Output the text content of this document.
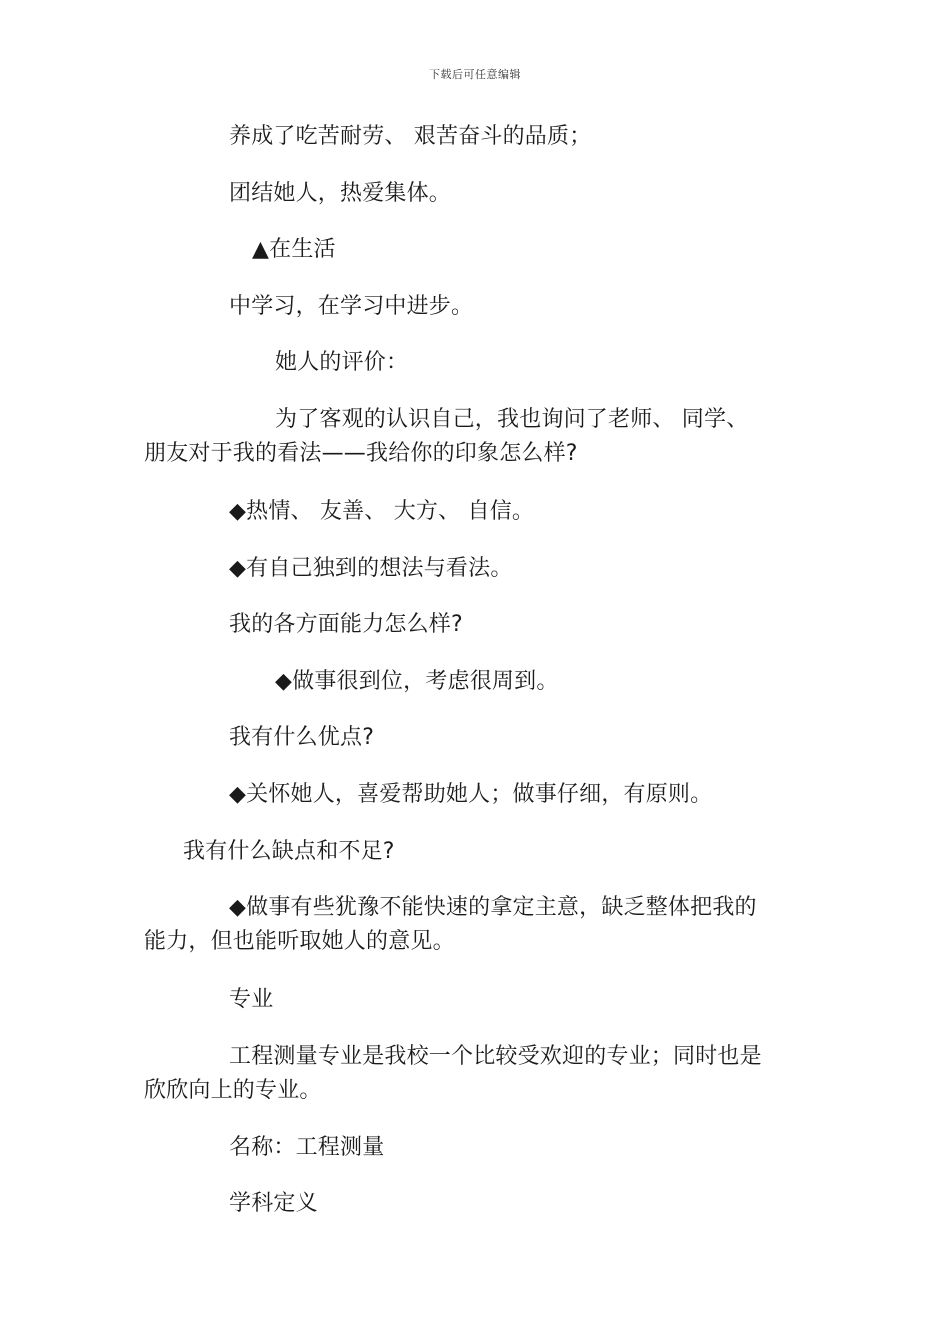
下载后可任意编辑
养成了吃苦耐劳、 艰苦奋斗的品质；
团结她人，热爱集体。
▲在生活
中学习，在学习中进步。
她人的评价：
为了客观的认识自己，我也询问了老师、 同学、
朋友对于我的看法——我给你的印象怎么样?
◆热情、 友善、 大方、 自信。
◆有自己独到的想法与看法。
我的各方面能力怎么样?
◆做事很到位，考虑很周到。
我有什么优点?
◆关怀她人，喜爱帮助她人；做事仔细，有原则。
我有什么缺点和不足?
◆做事有些犹豫不能快速的拿定主意，缺乏整体把我的
能力，但也能听取她人的意见。
专业
工程测量专业是我校一个比较受欢迎的专业；同时也是
欣欣向上的专业。
名称：工程测量
学科定义
